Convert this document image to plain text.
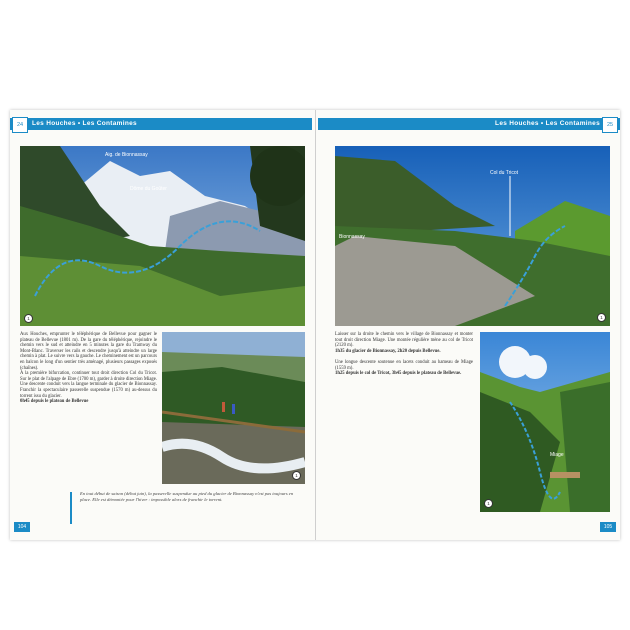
24	Les Houches • Les Contamines	25
Les Houches • Les Contamines
Aig. de Bionnassay
Dôme du Goûter
1
1
Aux Houches, emprunter le téléphérique de Bellevue pour gagner le plateau de Bellevue (1801 m). De la gare du téléphérique, rejoindre le chemin vers le sud et atteindre en 5 minutes la gare du Tramway du Mont-Blanc. Traverser les rails et descendre jusqu'à atteindre un large chemin à plat. Le suivre vers la gauche. Le cheminement est un parcours en balcon le long d'un sentier très aménagé, plusieurs passages exposés (chaînes).
À la première bifurcation, continuer tout droit direction Col du Tricot. Sur le plat de l'alpage de Ebre (1700 m), garder à droite direction Miage. Une descente conduit vers la langue terminale du glacier de Bionnassay. Franchir la spectaculaire passerelle suspendue (1570 m) au-dessus du torrent issu du glacier.
0h45 depuis le plateau de Bellevue
En tout début de saison (début juin), la passerelle suspendue au pied du glacier de Bionnassay n'est pas toujours en place. Elle est démontée pour l'hiver : impossible alors de franchir le torrent.
104
Col du Tricot
Bionnassay
1
Miage
1
Laisser sur la droite le chemin vers le village de Bionnassay et monter tout droit direction Miage. Une montée régulière mène au col de Tricot (2120 m).
1h35 du glacier de Bionnassay, 2h20 depuis Bellevue.

Une longue descente soutenue en lacets conduit au hameau de Miage (1559 m).
1h25 depuis le col de Tricot, 3h45 depuis le plateau de Bellevue.
105
